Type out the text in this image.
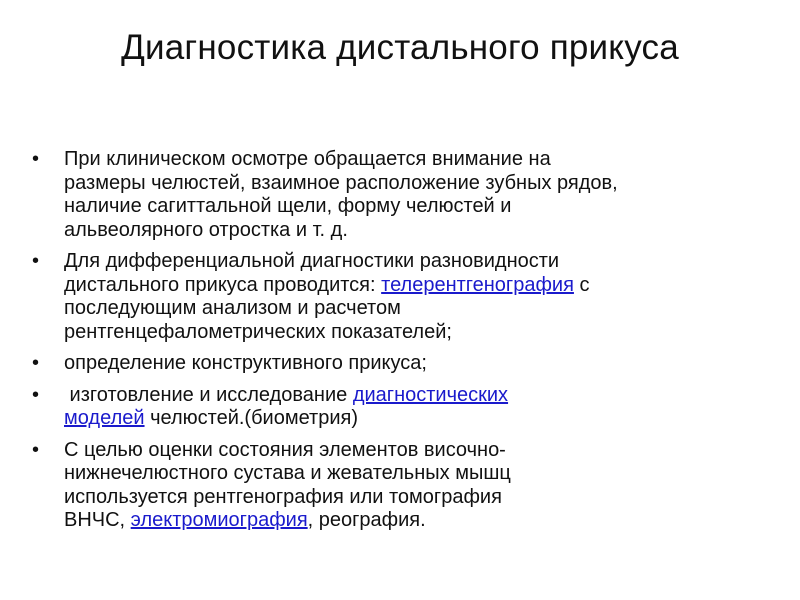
Диагностика дистального прикуса
•	При клиническом осмотре обращается внимание на
размеры челюстей, взаимное расположение зубных рядов,
наличие сагиттальной щели, форму челюстей и
альвеолярного отростка и т. д.
•	Для дифференциальной диагностики разновидности
дистального прикуса проводится: телерентгенография с
последующим анализом и расчетом
рентгенцефалометрических показателей;
•	определение конструктивного прикуса;
•	изготовление и исследование диагностических
моделей челюстей.(биометрия)
•	С целью оценки состояния элементов височно-
нижнечелюстного сустава и жевательных мышц
используется рентгенография или томография
ВНЧС, электромиография, реография.
